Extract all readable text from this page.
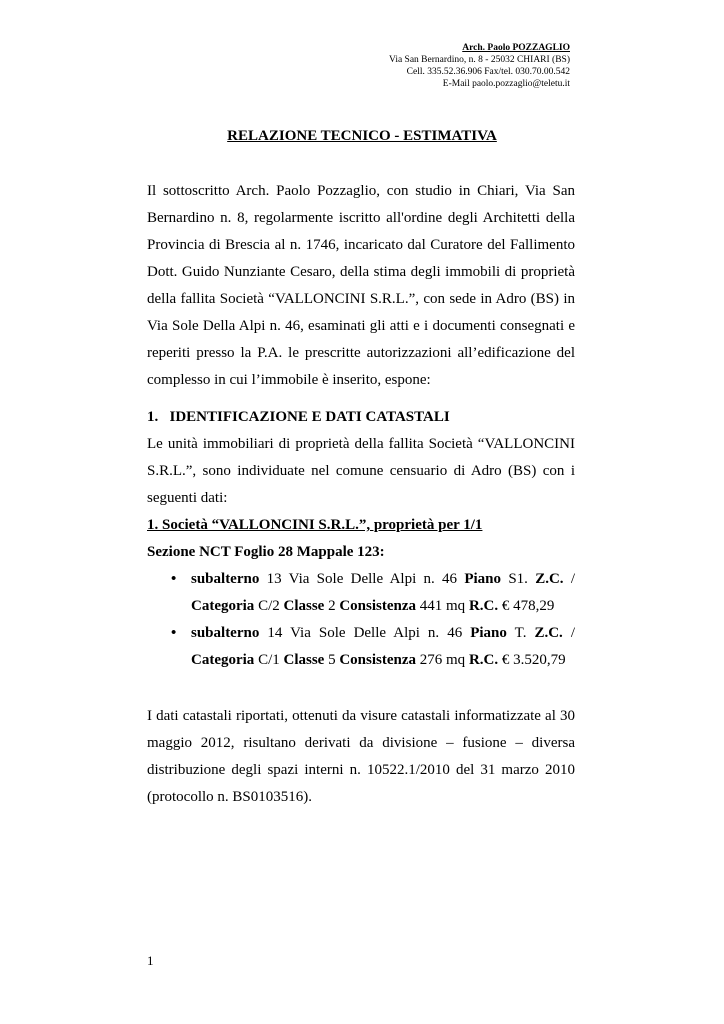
Arch. Paolo POZZAGLIO
Via San Bernardino, n. 8 - 25032 CHIARI (BS)
Cell. 335.52.36.906 Fax/tel. 030.70.00.542
E-Mail paolo.pozzaglio@teletu.it
RELAZIONE TECNICO - ESTIMATIVA

Il sottoscritto Arch. Paolo Pozzaglio, con studio in Chiari, Via San Bernardino n. 8, regolarmente iscritto all'ordine degli Architetti della Provincia di Brescia al n. 1746, incaricato dal Curatore del Fallimento Dott. Guido Nunziante Cesaro, della stima degli immobili di proprietà della fallita Società “VALLONCINI S.R.L.”, con sede in Adro (BS) in Via Sole Della Alpi n. 46, esaminati gli atti e i documenti consegnati e reperiti presso la P.A. le prescritte autorizzazioni all’edificazione del complesso in cui l’immobile è inserito, espone:

1.   IDENTIFICAZIONE E DATI CATASTALI

Le unità immobiliari di proprietà della fallita Società “VALLONCINI S.R.L.”, sono individuate nel comune censuario di Adro (BS) con i seguenti dati:

1. Società “VALLONCINI S.R.L.”, proprietà per 1/1

Sezione NCT Foglio 28 Mappale 123:

• subalterno 13 Via Sole Delle Alpi n. 46 Piano S1. Z.C. / Categoria C/2 Classe 2 Consistenza 441 mq R.C. € 478,29
• subalterno 14 Via Sole Delle Alpi n. 46 Piano T. Z.C. / Categoria C/1 Classe 5 Consistenza 276 mq R.C. € 3.520,79

I dati catastali riportati, ottenuti da visure catastali informatizzate al 30 maggio 2012, risultano derivati da divisione – fusione – diversa distribuzione degli spazi interni n. 10522.1/2010 del 31 marzo 2010 (protocollo n. BS0103516).

1
